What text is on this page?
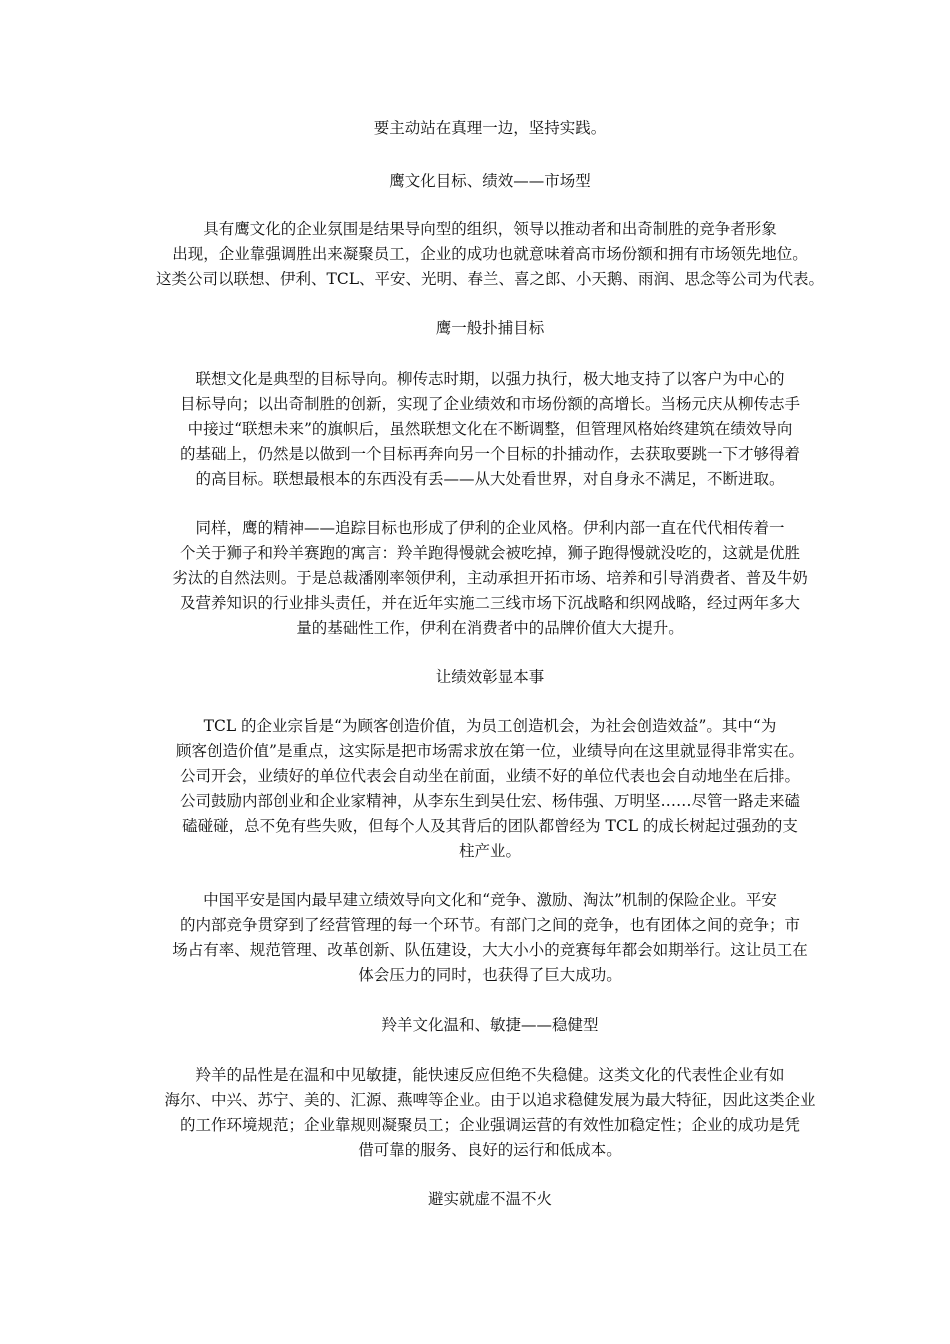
要主动站在真理一边，坚持实践。
鹰文化目标、绩效——市场型
具有鹰文化的企业氛围是结果导向型的组织，领导以推动者和出奇制胜的竞争者形象
出现，企业靠强调胜出来凝聚员工，企业的成功也就意味着高市场份额和拥有市场领先地位。
这类公司以联想、伊利、TCL、平安、光明、春兰、喜之郎、小天鹅、雨润、思念等公司为代表。
鹰一般扑捕目标
联想文化是典型的目标导向。柳传志时期，以强力执行，极大地支持了以客户为中心的
目标导向；以出奇制胜的创新，实现了企业绩效和市场份额的高增长。当杨元庆从柳传志手
中接过“联想未来”的旗帜后，虽然联想文化在不断调整，但管理风格始终建筑在绩效导向
的基础上，仍然是以做到一个目标再奔向另一个目标的扑捕动作，去获取要跳一下才够得着
的高目标。联想最根本的东西没有丢——从大处看世界，对自身永不满足，不断进取。
同样，鹰的精神——追踪目标也形成了伊利的企业风格。伊利内部一直在代代相传着一
个关于狮子和羚羊赛跑的寓言：羚羊跑得慢就会被吃掉，狮子跑得慢就没吃的，这就是优胜
劣汰的自然法则。于是总裁潘刚率领伊利，主动承担开拓市场、培养和引导消费者、普及牛奶
及营养知识的行业排头责任，并在近年实施二三线市场下沉战略和织网战略，经过两年多大
量的基础性工作，伊利在消费者中的品牌价值大大提升。
让绩效彰显本事
TCL 的企业宗旨是“为顾客创造价值，为员工创造机会，为社会创造效益”。其中“为
顾客创造价值”是重点，这实际是把市场需求放在第一位，业绩导向在这里就显得非常实在。
公司开会，业绩好的单位代表会自动坐在前面，业绩不好的单位代表也会自动地坐在后排。
公司鼓励内部创业和企业家精神，从李东生到吴仕宏、杨伟强、万明坚……尽管一路走来磕
磕碰碰，总不免有些失败，但每个人及其背后的团队都曾经为 TCL 的成长树起过强劲的支
柱产业。
中国平安是国内最早建立绩效导向文化和“竞争、激励、淘汰”机制的保险企业。平安
的内部竞争贯穿到了经营管理的每一个环节。有部门之间的竞争，也有团体之间的竞争；市
场占有率、规范管理、改革创新、队伍建设，大大小小的竞赛每年都会如期举行。这让员工在
体会压力的同时，也获得了巨大成功。
羚羊文化温和、敏捷——稳健型
羚羊的品性是在温和中见敏捷，能快速反应但绝不失稳健。这类文化的代表性企业有如
海尔、中兴、苏宁、美的、汇源、燕啤等企业。由于以追求稳健发展为最大特征，因此这类企业
的工作环境规范；企业靠规则凝聚员工；企业强调运营的有效性加稳定性；企业的成功是凭
借可靠的服务、良好的运行和低成本。
避实就虚不温不火
